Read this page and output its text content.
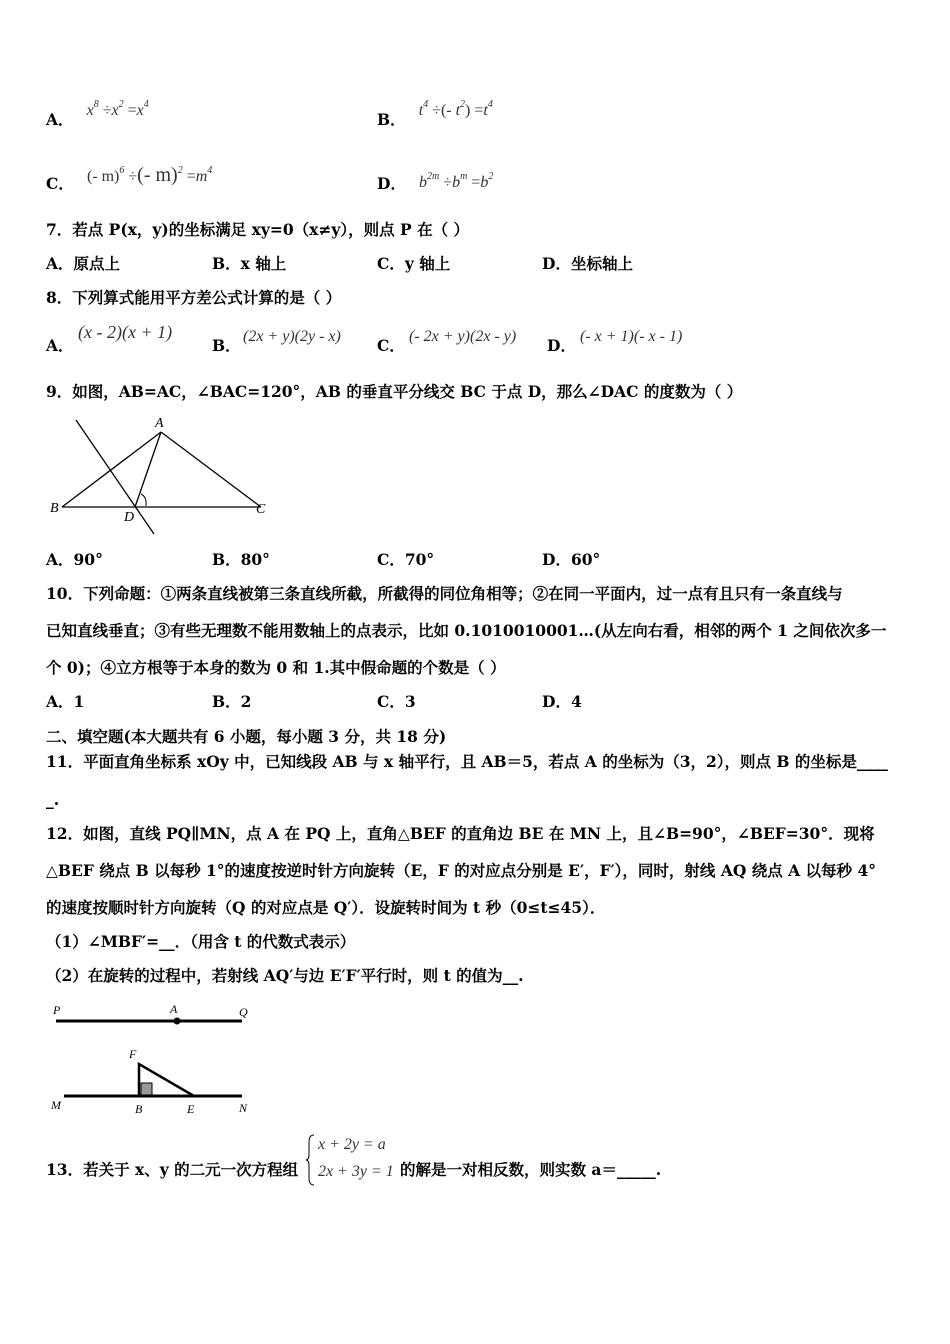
A． $x^8 \div x^2 =x^4$
B． $t^4$ ÷(- $t^2) =t^4$
C． (- m)$^6$ ÷(- $m)^2 =m^4$
D． $b^{2m} \div b^m =b^2$
7．若点 P(x，y)的坐标满足 xy=0（x≠y），则点 P 在（ ）
A．原点上	B．x 轴上	C．y 轴上	D．坐标轴上
8．下列算式能用平方差公式计算的是（ ）
A．
(x - 2)(x + 1)
B． (2x + y)(2y - x) C． (- 2x + y)(2x - y) D． (- x + 1)(- x - 1)
9．如图，AB=AC，∠BAC=120°，AB 的垂直平分线交 BC 于点 D，那么∠DAC 的度数为（ ）
A
B	C
D
A．90°	B．80°	C．70°	D．60°
10．下列命题：①两条直线被第三条直线所截，所截得的同位角相等；②在同一平面内，过一点有且只有一条直线与
已知直线垂直；③有些无理数不能用数轴上的点表示，比如 0.1010010001…(从左向右看，相邻的两个 1 之间依次多一
个 0)；④立方根等于本身的数为 0 和 1.其中假命题的个数是（ ）
A．1	B．2	C．3	D．4
二、填空题(本大题共有 6 小题，每小题 3 分，共 18 分)
11．平面直角坐标系 xOy 中，已知线段 AB 与 x 轴平行，且 AB＝5，若点 A 的坐标为（3，2），则点 B 的坐标是____
_.
12．如图，直线 PQ∥MN，点 A 在 PQ 上，直角△BEF 的直角边 BE 在 MN 上，且∠B=90°，∠BEF=30°．现将
△BEF 绕点 B 以每秒 1°的速度按逆时针方向旋转（E，F 的对应点分别是 E′，F′），同时，射线 AQ 绕点 A 以每秒 4°
的速度按顺时针方向旋转（Q 的对应点是 Q′）．设旋转时间为 t 秒（0≤t≤45）．
（1）∠MBF′=__．（用含 t 的代数式表示）
（2）在旋转的过程中，若射线 AQ′与边 E′F′平行时，则 t 的值为__.
P	A	Q
F
M	B	E	N
13．若关于 x、y 的二元一次方程组
x + 2y = a
2x + 3y = 1 的解是一对相反数，则实数 a＝_____.
